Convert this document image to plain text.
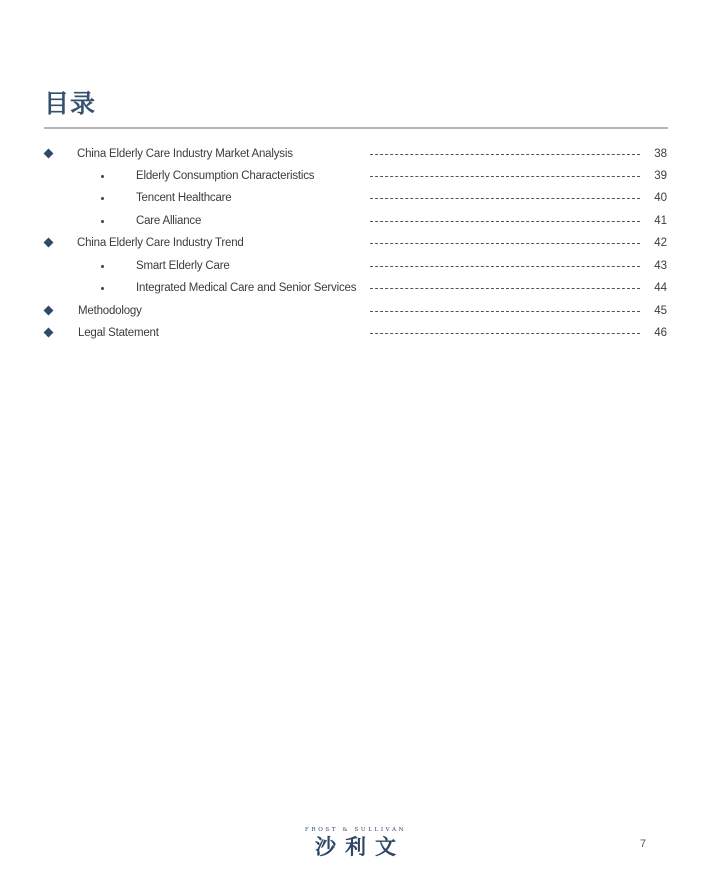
目录
China Elderly Care Industry Market Analysis	38
Elderly Consumption Characteristics	39
Tencent Healthcare	40
Care Alliance	41
China Elderly Care Industry Trend	42
Smart Elderly Care	43
Integrated Medical Care and Senior Services	44
Methodology	45
Legal Statement	46
FROST & SULLIVAN
沙利文	7
